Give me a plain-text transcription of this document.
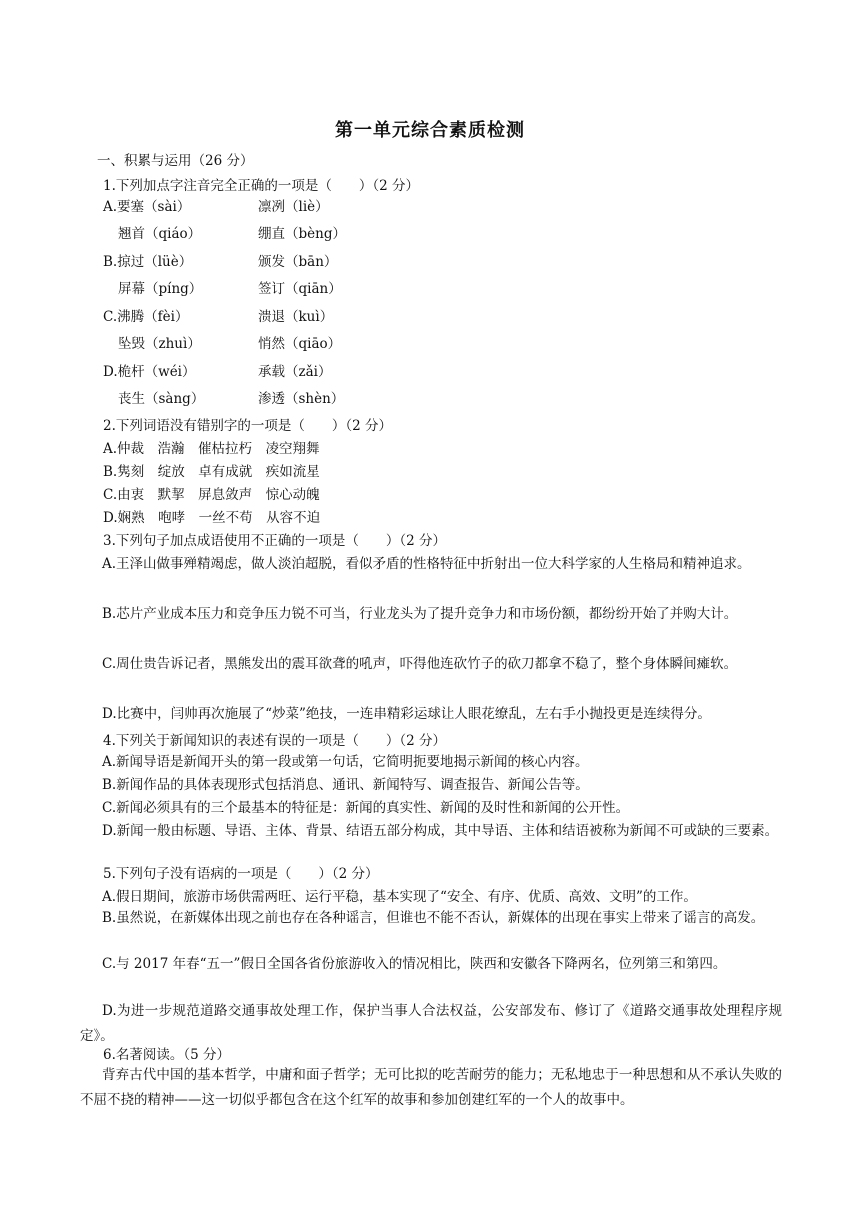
第一单元综合素质检测
一、积累与运用（26 分）
1.下列加点字注音完全正确的一项是（　　）（2 分）
A.要塞（sài）	凛冽（liè）
翘首（qiáo）	绷直（bèng）
B.掠过（lüè）	颁发（bān）
屏幕（píng）	签订（qiān）
C.沸腾（fèi）	溃退（kuì）
坠毁（zhuì）	悄然（qiāo）
D.桅杆（wéi）	承载（zǎi）
丧生（sàng）	渗透（shèn）
2.下列词语没有错别字的一项是（　　）（2 分）
A.仲裁　浩瀚　催枯拉朽　凌空翔舞
B.隽刻　绽放　卓有成就　疾如流星
C.由衷　默挈　屏息敛声　惊心动魄
D.娴熟　咆哮　一丝不苟　从容不迫
3.下列句子加点成语使用不正确的一项是（　　）（2 分）
A.王泽山做事殚精竭虑，做人淡泊超脱，看似矛盾的性格特征中折射出一位大科学家的人生格局和精神追求。
B.芯片产业成本压力和竞争压力锐不可当，行业龙头为了提升竞争力和市场份额，都纷纷开始了并购大计。
C.周仕贵告诉记者，黑熊发出的震耳欲聋的吼声，吓得他连砍竹子的砍刀都拿不稳了，整个身体瞬间瘫软。
D.比赛中，闫帅再次施展了“炒菜”绝技，一连串精彩运球让人眼花缭乱，左右手小抛投更是连续得分。
4.下列关于新闻知识的表述有误的一项是（　　）（2 分）
A.新闻导语是新闻开头的第一段或第一句话，它简明扼要地揭示新闻的核心内容。
B.新闻作品的具体表现形式包括消息、通讯、新闻特写、调查报告、新闻公告等。
C.新闻必须具有的三个最基本的特征是：新闻的真实性、新闻的及时性和新闻的公开性。
D.新闻一般由标题、导语、主体、背景、结语五部分构成，其中导语、主体和结语被称为新闻不可或缺的三要素。
5.下列句子没有语病的一项是（　　）（2 分）
A.假日期间，旅游市场供需两旺、运行平稳，基本实现了“安全、有序、优质、高效、文明”的工作。
B.虽然说，在新媒体出现之前也存在各种谣言，但谁也不能不否认，新媒体的出现在事实上带来了谣言的高发。
C.与 2017 年春“五一”假日全国各省份旅游收入的情况相比，陕西和安徽各下降两名，位列第三和第四。
D.为进一步规范道路交通事故处理工作，保护当事人合法权益，公安部发布、修订了《道路交通事故处理程序规定》。
6.名著阅读。（5 分）
背弃古代中国的基本哲学，中庸和面子哲学；无可比拟的吃苦耐劳的能力；无私地忠于一种思想和从不承认失败的不屈不挠的精神——这一切似乎都包含在这个红军的故事和参加创建红军的一个人的故事中。
